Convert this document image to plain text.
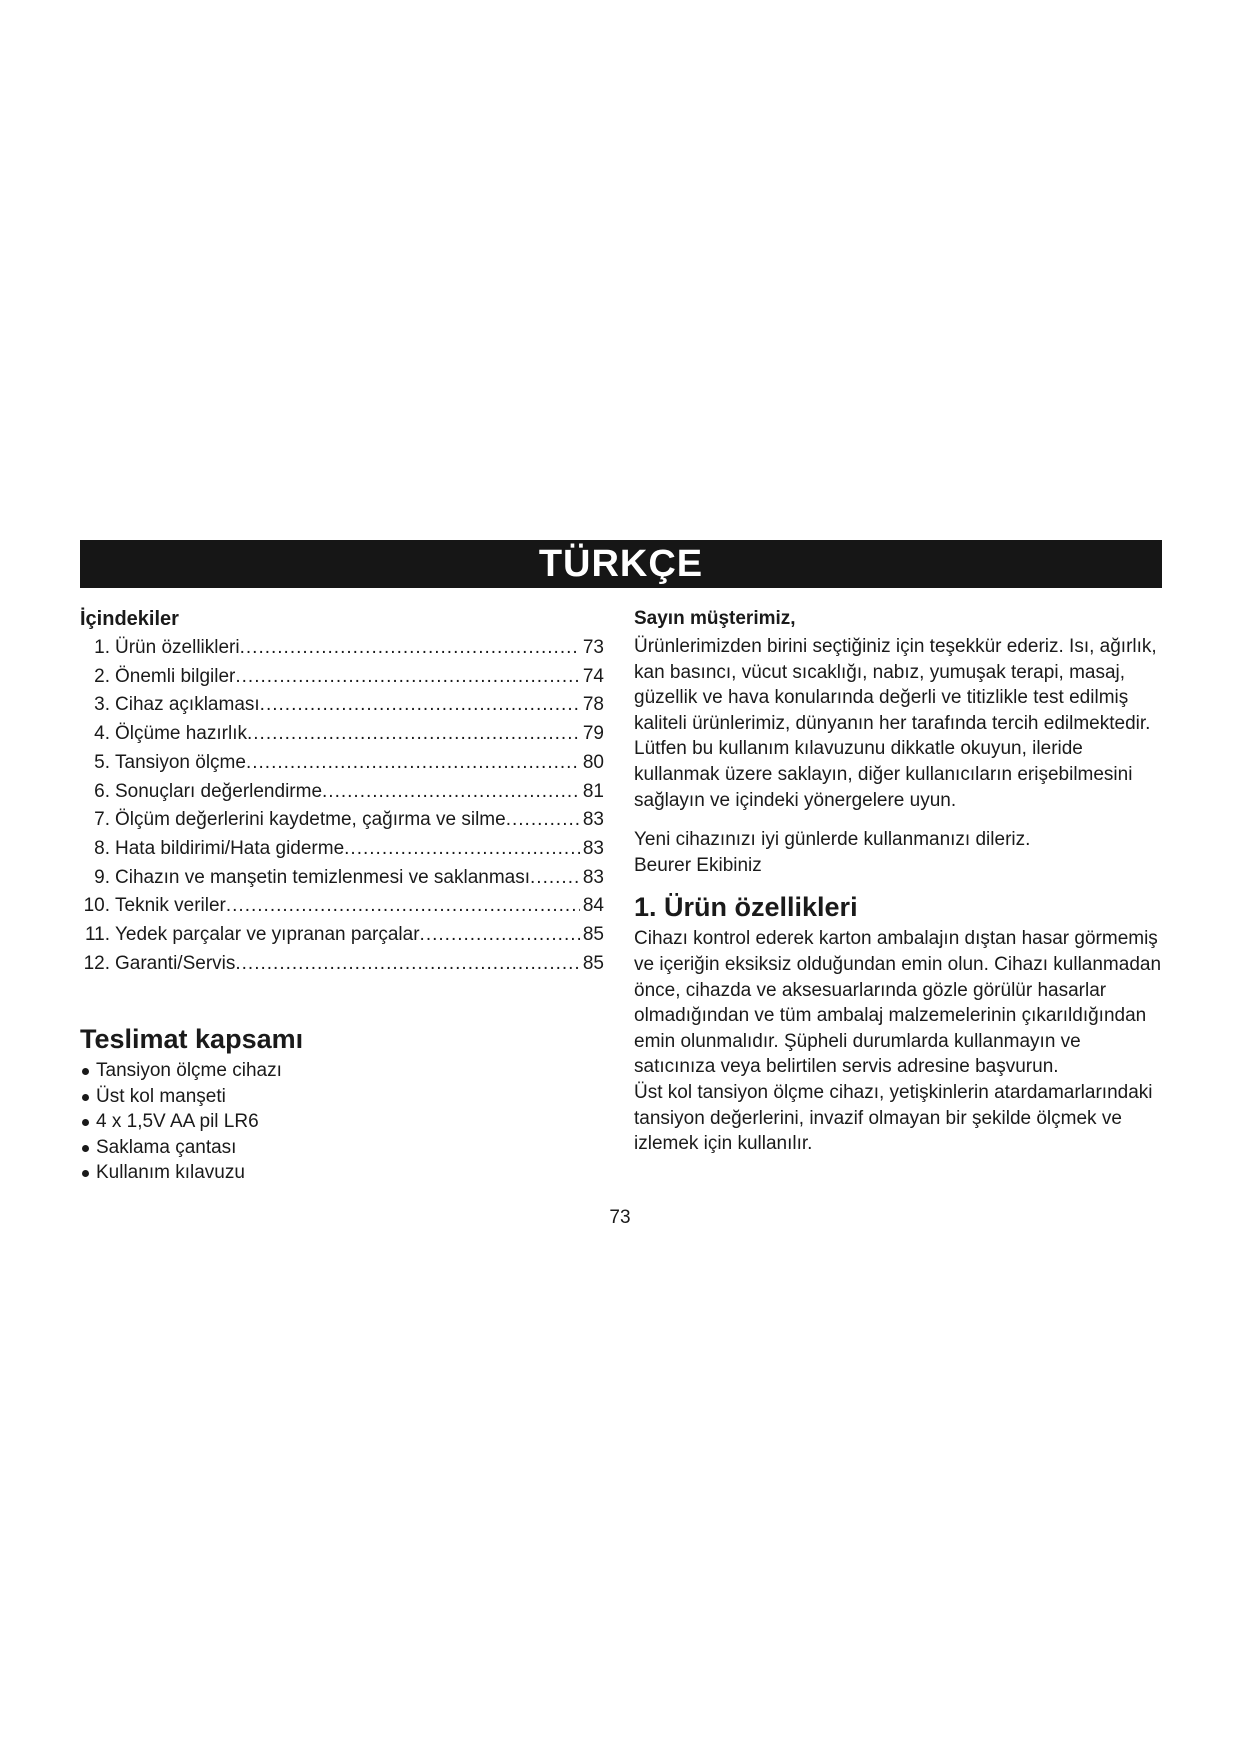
TÜRKÇE
İçindekiler
1. Ürün özellikleri .....	73
2. Önemli bilgiler .....	74
3. Cihaz açıklaması .....	78
4. Ölçüme hazırlık .....	79
5. Tansiyon ölçme .....	80
6. Sonuçları değerlendirme .....	81
7. Ölçüm değerlerini kaydetme, çağırma ve silme .....	83
8. Hata bildirimi/Hata giderme .....	83
9. Cihazın ve manşetin temizlenmesi ve saklanması .....	83
10. Teknik veriler .....	84
11. Yedek parçalar ve yıpranan parçalar .....	85
12. Garanti/Servis .....	85
Teslimat kapsamı
Tansiyon ölçme cihazı
Üst kol manşeti
4 x 1,5V AA pil LR6
Saklama çantası
Kullanım kılavuzu

Sayın müşterimiz,

Ürünlerimizden birini seçtiğiniz için teşekkür ederiz. Isı, ağırlık, kan basıncı, vücut sıcaklığı, nabız, yumuşak terapi, masaj, güzellik ve hava konularında değerli ve titizlikle test edilmiş kaliteli ürünlerimiz, dünyanın her tarafında tercih edilmektedir. Lütfen bu kullanım kılavuzunu dikkatle okuyun, ileride kullanmak üzere saklayın, diğer kullanıcıların erişebilmesini sağlayın ve içindeki yönergelere uyun.

Yeni cihazınızı iyi günlerde kullanmanızı dileriz.

Beurer Ekibiniz

1. Ürün özellikleri

Cihazı kontrol ederek karton ambalajın dıştan hasar görmemiş ve içeriğin eksiksiz olduğundan emin olun. Cihazı kullanmadan önce, cihazda ve aksesuarlarında gözle görülür hasarlar olmadığından ve tüm ambalaj malzemelerinin çıkarıldığından emin olunmalıdır. Şüpheli durumlarda kullanmayın ve satıcınıza veya belirtilen servis adresine başvurun.

Üst kol tansiyon ölçme cihazı, yetişkinlerin atardamarlarındaki tansiyon değerlerini, invazif olmayan bir şekilde ölçmek ve izlemek için kullanılır.

73
